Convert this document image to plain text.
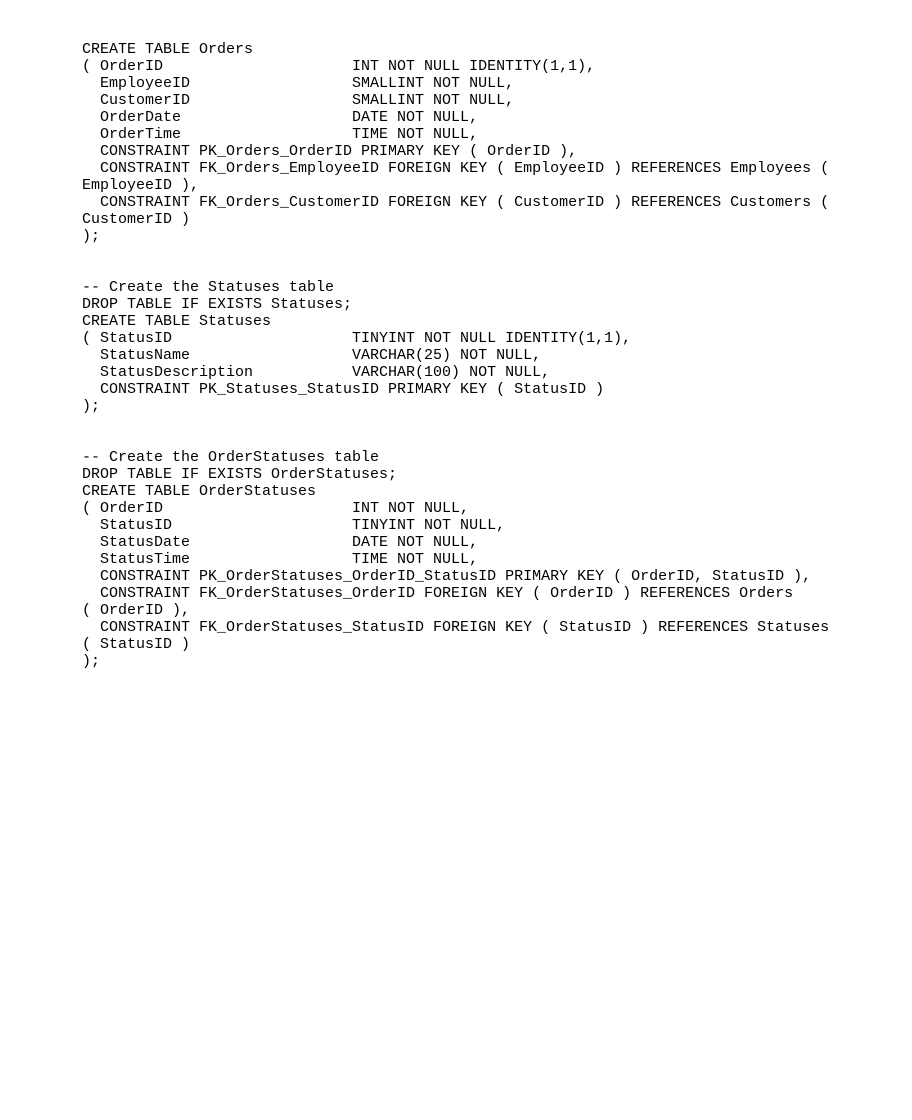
CREATE TABLE Orders
( OrderID                     INT NOT NULL IDENTITY(1,1),
EmployeeID                  SMALLINT NOT NULL,
CustomerID                  SMALLINT NOT NULL,
OrderDate                   DATE NOT NULL,
OrderTime                   TIME NOT NULL,
CONSTRAINT PK_Orders_OrderID PRIMARY KEY ( OrderID ),
CONSTRAINT FK_Orders_EmployeeID FOREIGN KEY ( EmployeeID ) REFERENCES Employees (
EmployeeID ),
CONSTRAINT FK_Orders_CustomerID FOREIGN KEY ( CustomerID ) REFERENCES Customers (
CustomerID )
);
-- Create the Statuses table
DROP TABLE IF EXISTS Statuses;
CREATE TABLE Statuses
( StatusID                    TINYINT NOT NULL IDENTITY(1,1),
StatusName                  VARCHAR(25) NOT NULL,
StatusDescription           VARCHAR(100) NOT NULL,
CONSTRAINT PK_Statuses_StatusID PRIMARY KEY ( StatusID )
);
-- Create the OrderStatuses table
DROP TABLE IF EXISTS OrderStatuses;
CREATE TABLE OrderStatuses
( OrderID                     INT NOT NULL,
StatusID                    TINYINT NOT NULL,
StatusDate                  DATE NOT NULL,
StatusTime                  TIME NOT NULL,
CONSTRAINT PK_OrderStatuses_OrderID_StatusID PRIMARY KEY ( OrderID, StatusID ),
CONSTRAINT FK_OrderStatuses_OrderID FOREIGN KEY ( OrderID ) REFERENCES Orders
( OrderID ),
CONSTRAINT FK_OrderStatuses_StatusID FOREIGN KEY ( StatusID ) REFERENCES Statuses
( StatusID )
);
